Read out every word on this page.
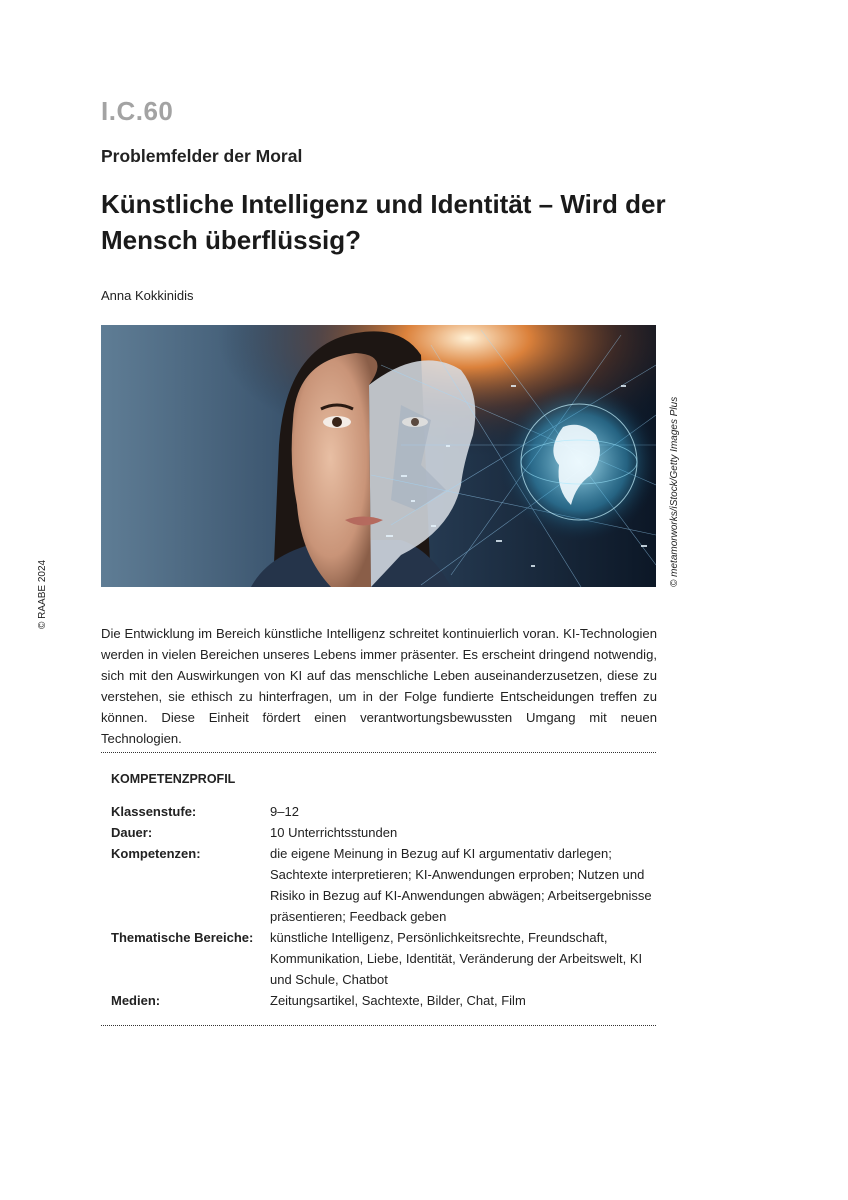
I.C.60
Problemfelder der Moral
Künstliche Intelligenz und Identität – Wird der Mensch überflüssig?
Anna Kokkinidis
© metamorworks/iStock/Getty Images Plus
© RAABE 2024
Die Entwicklung im Bereich künstliche Intelligenz schreitet kontinuierlich voran. KI-Technologien werden in vielen Bereichen unseres Lebens immer präsenter. Es erscheint dringend notwendig, sich mit den Auswirkungen von KI auf das menschliche Leben auseinanderzusetzen, diese zu verstehen, sie ethisch zu hinterfragen, um in der Folge fundierte Entscheidungen treffen zu können. Diese Einheit fördert einen verantwortungsbewussten Umgang mit neuen Technologien.
KOMPETENZPROFIL
Klassenstufe:	9–12
Dauer:	10 Unterrichtsstunden
Kompetenzen:	die eigene Meinung in Bezug auf KI argumentativ darlegen; Sachtexte interpretieren; KI-Anwendungen erproben; Nutzen und Risiko in Bezug auf KI-Anwendungen abwägen; Arbeitsergebnisse präsentieren; Feedback geben
Thematische Bereiche:	künstliche Intelligenz, Persönlichkeitsrechte, Freundschaft, Kommunikation, Liebe, Identität, Veränderung der Arbeitswelt, KI und Schule, Chatbot
Medien:	Zeitungsartikel, Sachtexte, Bilder, Chat, Film
